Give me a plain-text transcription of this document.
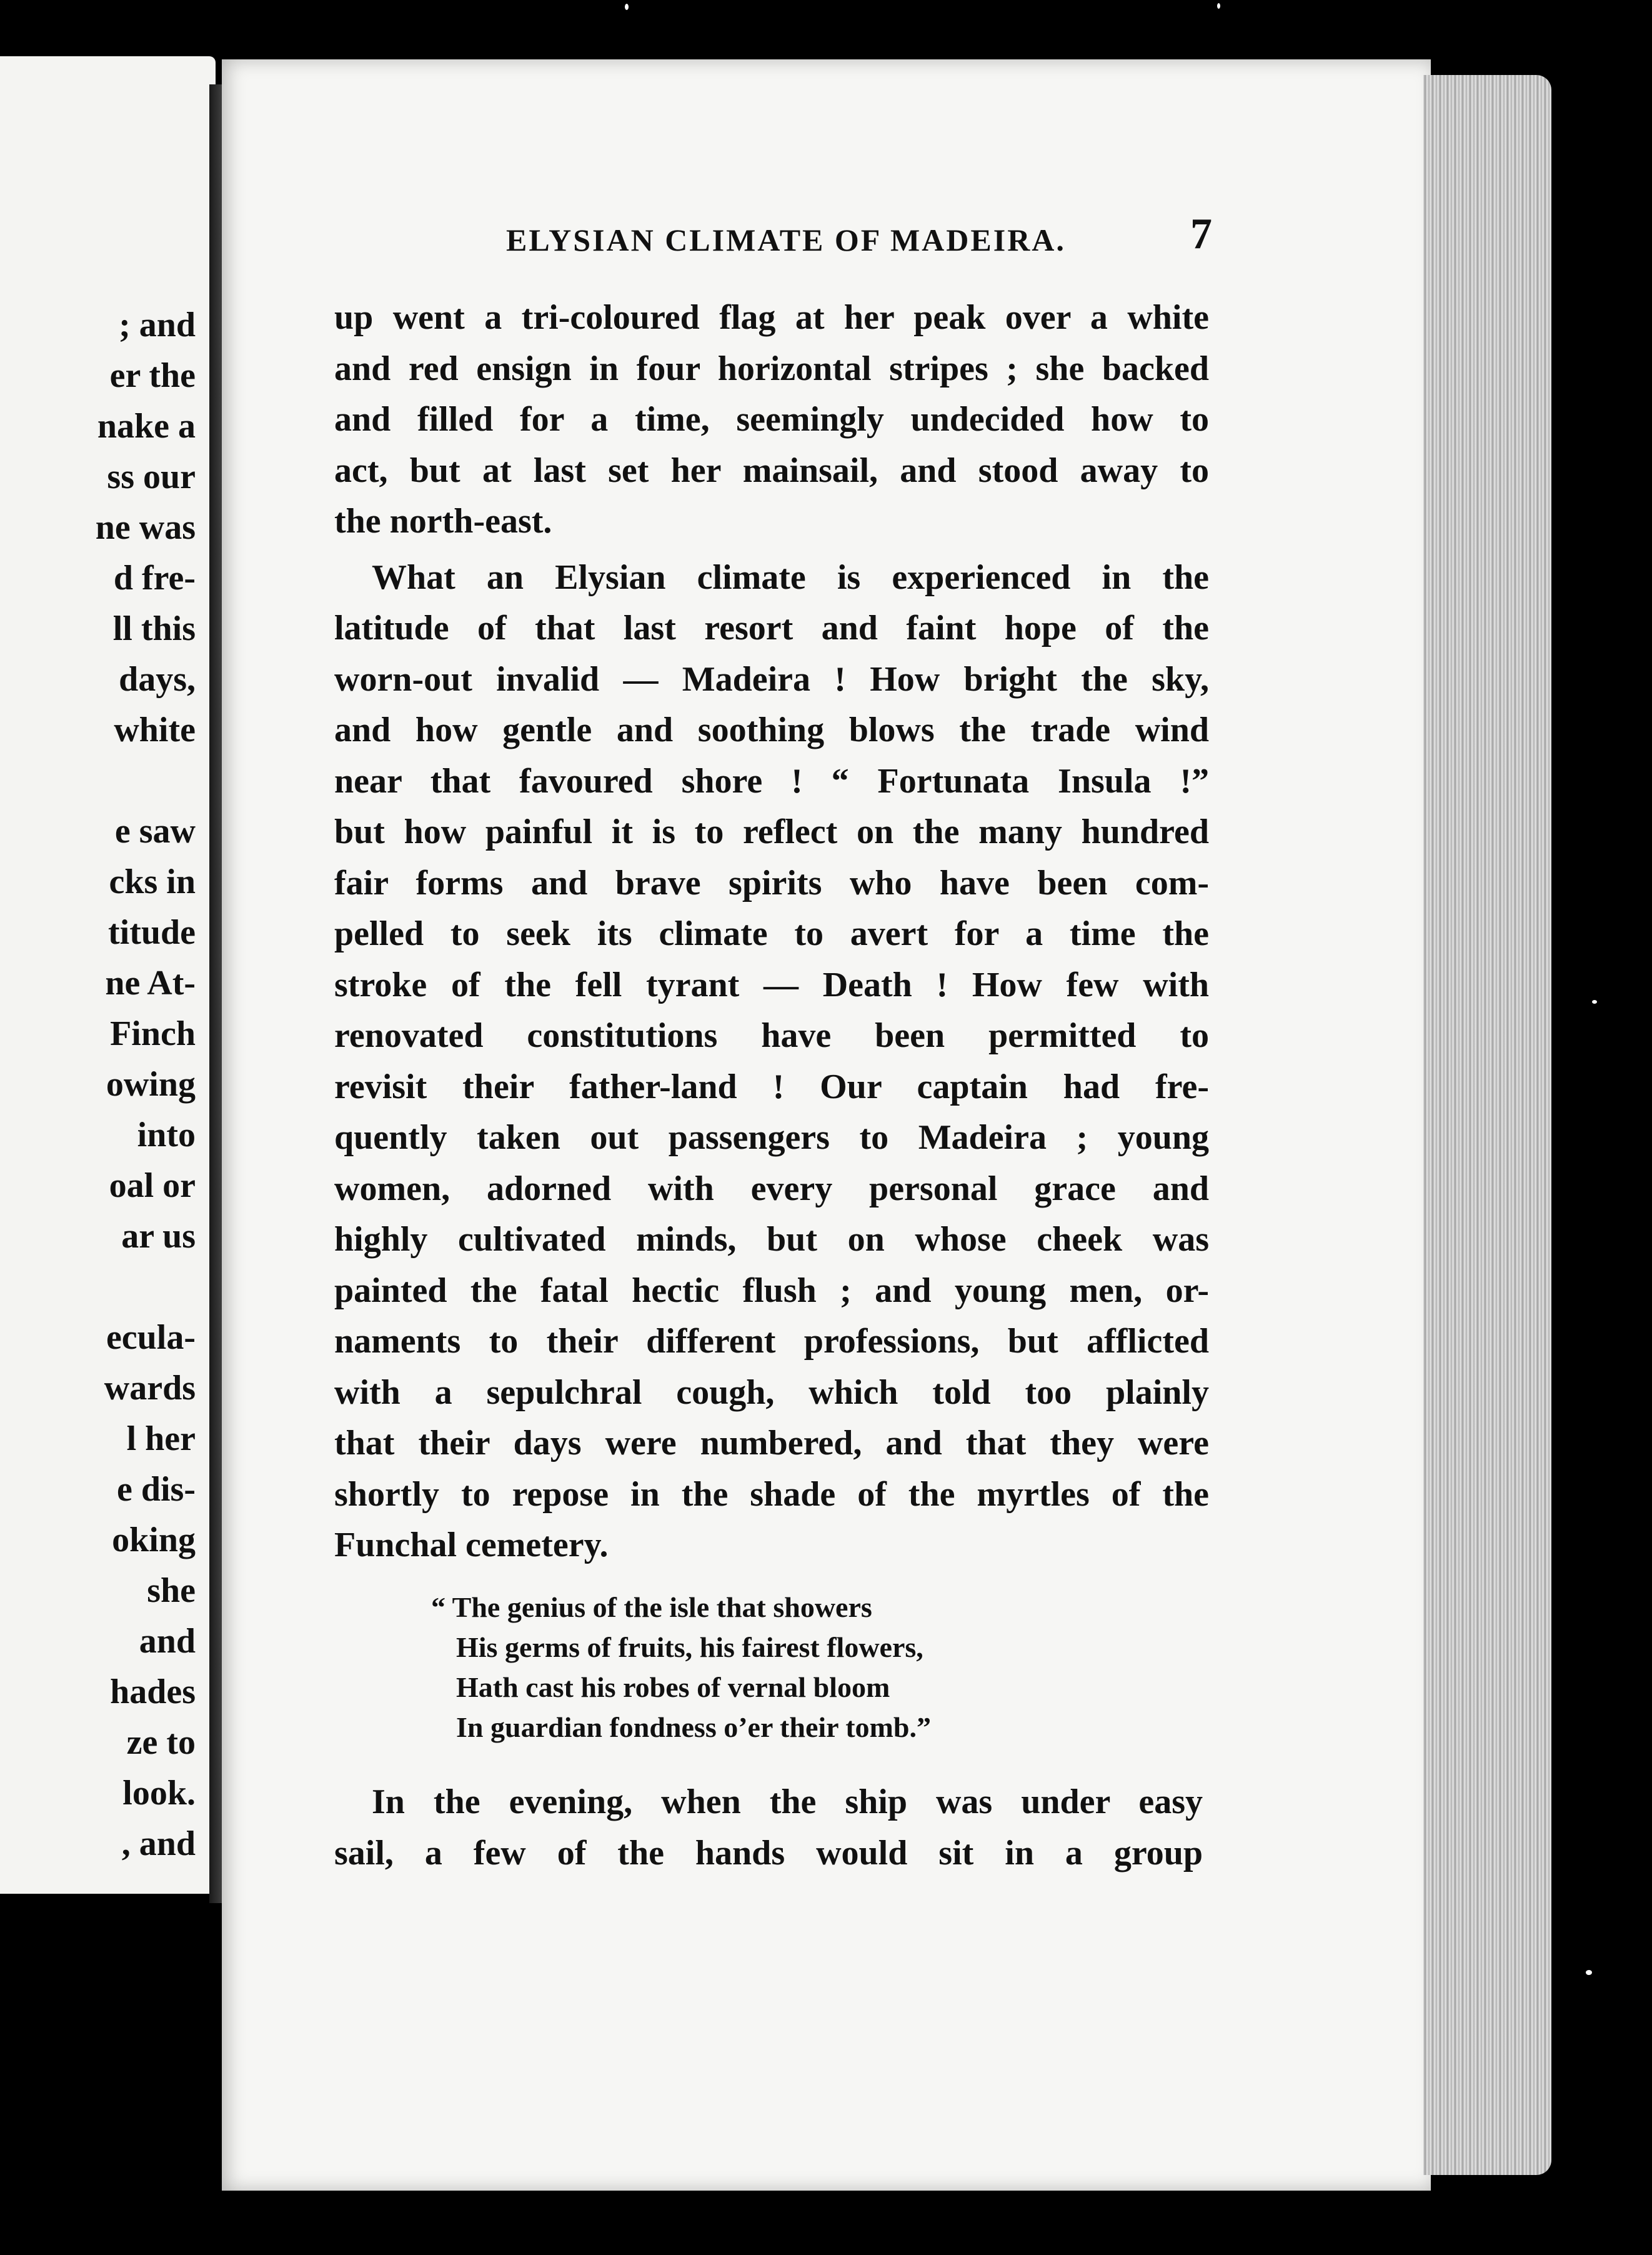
; and
er the
nake a
ss our
ne was
d fre-
ll this
days,
white
e saw
cks in
titude
ne At-
Finch
owing
into
oal or
ar us
ecula-
wards
l her
e dis-
oking
she
and
hades
ze to
look.
, and
ELYSIAN CLIMATE OF MADEIRA.	7
up went a tri-coloured flag at her peak over a white
and red ensign in four horizontal stripes ; she backed
and filled for a time, seemingly undecided how to
act, but at last set her mainsail, and stood away to
the north-east.
What an Elysian climate is experienced in the
latitude of that last resort and faint hope of the
worn-out invalid — Madeira ! How bright the sky,
and how gentle and soothing blows the trade wind
near that favoured shore ! “ Fortunata Insula !”
but how painful it is to reflect on the many hundred
fair forms and brave spirits who have been com-
pelled to seek its climate to avert for a time the
stroke of the fell tyrant — Death ! How few with
renovated constitutions have been permitted to
revisit their father-land ! Our captain had fre-
quently taken out passengers to Madeira ; young
women, adorned with every personal grace and
highly cultivated minds, but on whose cheek was
painted the fatal hectic flush ; and young men, or-
naments to their different professions, but afflicted
with a sepulchral cough, which told too plainly
that their days were numbered, and that they were
shortly to repose in the shade of the myrtles of the
Funchal cemetery.
“ The genius of the isle that showers
His germs of fruits, his fairest flowers,
Hath cast his robes of vernal bloom
In guardian fondness o’er their tomb.”
In the evening, when the ship was under easy
sail, a few of the hands would sit in a group
